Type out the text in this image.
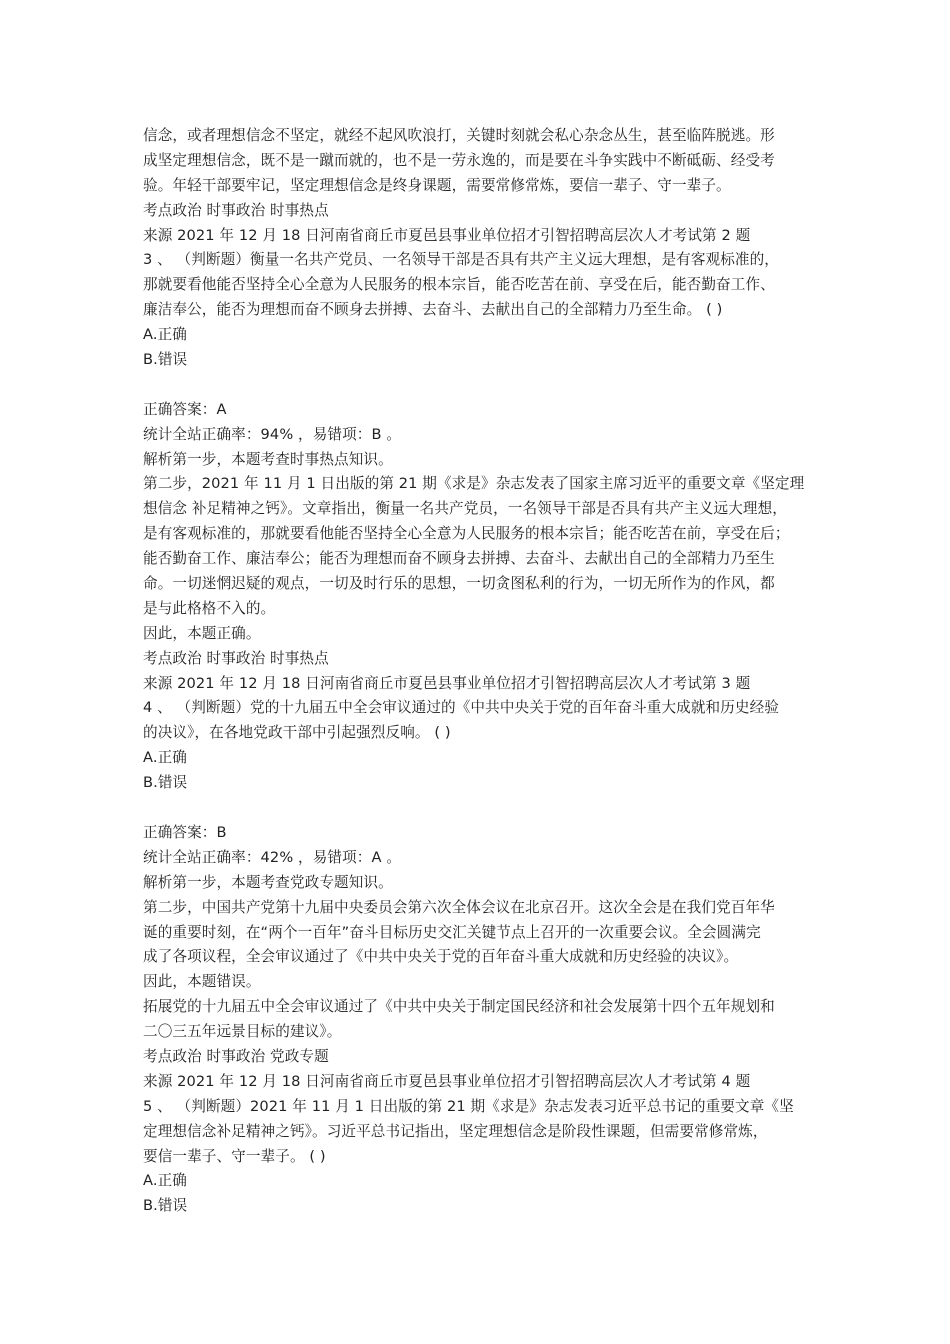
信念，或者理想信念不坚定，就经不起风吹浪打，关键时刻就会私心杂念丛生，甚至临阵脱逃。形
成坚定理想信念，既不是一蹴而就的，也不是一劳永逸的，而是要在斗争实践中不断砥砺、经受考
验。年轻干部要牢记，坚定理想信念是终身课题，需要常修常炼，要信一辈子、守一辈子。
考点政治 时事政治 时事热点
来源 2021 年 12 月 18 日河南省商丘市夏邑县事业单位招才引智招聘高层次人才考试第 2 题
3 、 （判断题）衡量一名共产党员、一名领导干部是否具有共产主义远大理想，是有客观标准的，
那就要看他能否坚持全心全意为人民服务的根本宗旨，能否吃苦在前、享受在后，能否勤奋工作、
廉洁奉公，能否为理想而奋不顾身去拼搏、去奋斗、去献出自己的全部精力乃至生命。 ( )
A.正确
B.错误
正确答案：A
统计全站正确率：94% ，易错项：B 。
解析第一步，本题考查时事热点知识。
第二步，2021 年 11 月 1 日出版的第 21 期《求是》杂志发表了国家主席习近平的重要文章《坚定理
想信念 补足精神之钙》。文章指出，衡量一名共产党员，一名领导干部是否具有共产主义远大理想，
是有客观标准的，那就要看他能否坚持全心全意为人民服务的根本宗旨；能否吃苦在前，享受在后；
能否勤奋工作、廉洁奉公；能否为理想而奋不顾身去拼搏、去奋斗、去献出自己的全部精力乃至生
命。一切迷惘迟疑的观点，一切及时行乐的思想，一切贪图私利的行为，一切无所作为的作风，都
是与此格格不入的。
因此，本题正确。
考点政治 时事政治 时事热点
来源 2021 年 12 月 18 日河南省商丘市夏邑县事业单位招才引智招聘高层次人才考试第 3 题
4 、 （判断题）党的十九届五中全会审议通过的《中共中央关于党的百年奋斗重大成就和历史经验
的决议》，在各地党政干部中引起强烈反响。 ( )
A.正确
B.错误
正确答案：B
统计全站正确率：42% ，易错项：A 。
解析第一步，本题考查党政专题知识。
第二步，中国共产党第十九届中央委员会第六次全体会议在北京召开。这次全会是在我们党百年华
诞的重要时刻，在“两个一百年”奋斗目标历史交汇关键节点上召开的一次重要会议。全会圆满完
成了各项议程，全会审议通过了《中共中央关于党的百年奋斗重大成就和历史经验的决议》。
因此，本题错误。
拓展党的十九届五中全会审议通过了《中共中央关于制定国民经济和社会发展第十四个五年规划和
二〇三五年远景目标的建议》。
考点政治 时事政治 党政专题
来源 2021 年 12 月 18 日河南省商丘市夏邑县事业单位招才引智招聘高层次人才考试第 4 题
5 、 （判断题）2021 年 11 月 1 日出版的第 21 期《求是》杂志发表习近平总书记的重要文章《坚
定理想信念补足精神之钙》。习近平总书记指出，坚定理想信念是阶段性课题，但需要常修常炼，
要信一辈子、守一辈子。 ( )
A.正确
B.错误
